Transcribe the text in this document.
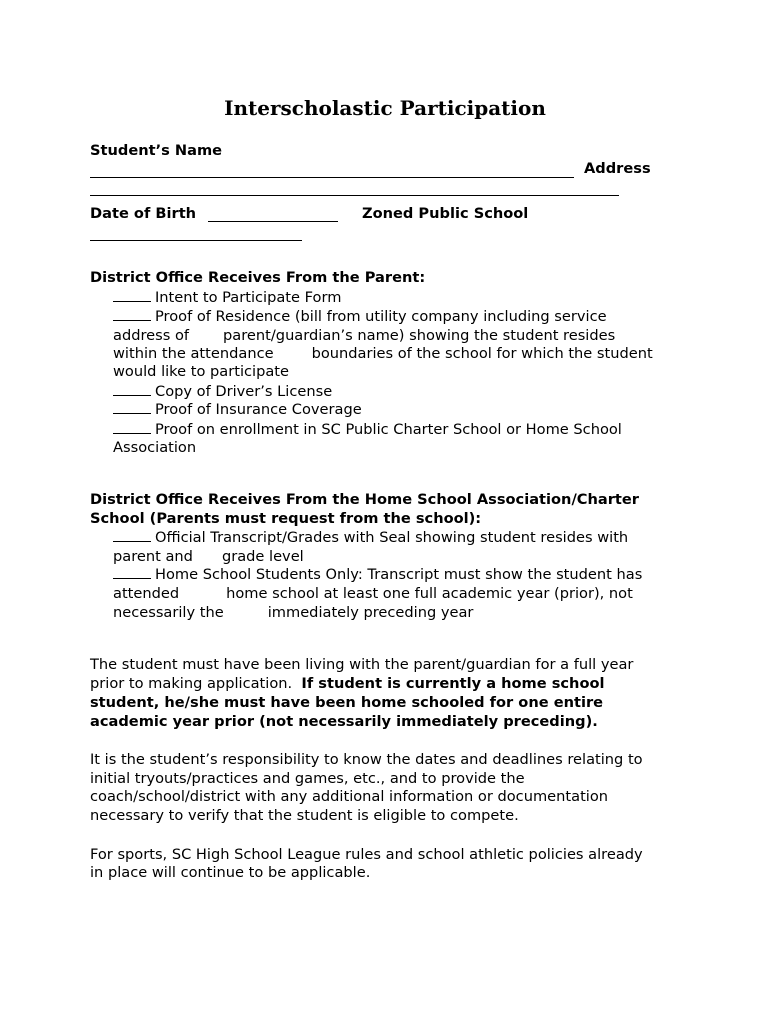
Interscholastic Participation
Student’s Name
Address
Date of Birth	Zoned Public School
District Office Receives From the Parent:
Intent to Participate Form
Proof of Residence (bill from utility company including service
address of parent/guardian’s name) showing the student resides
within the attendance	boundaries of the school for which the student
would like to participate
Copy of Driver’s License
Proof of Insurance Coverage
Proof on enrollment in SC Public Charter School or Home School
Association
District Office Receives From the Home School Association/Charter
School (Parents must request from the school):
Official Transcript/Grades with Seal showing student resides with
parent and grade level
Home School Students Only: Transcript must show the student has
attended	home school at least one full academic year (prior), not
necessarily the	immediately preceding year
The student must have been living with the parent/guardian for a full year
prior to making application.  If student is currently a home school
student, he/she must have been home schooled for one entire
academic year prior (not necessarily immediately preceding).
It is the student’s responsibility to know the dates and deadlines relating to
initial tryouts/practices and games, etc., and to provide the
coach/school/district with any additional information or documentation
necessary to verify that the student is eligible to compete.
For sports, SC High School League rules and school athletic policies already
in place will continue to be applicable.
